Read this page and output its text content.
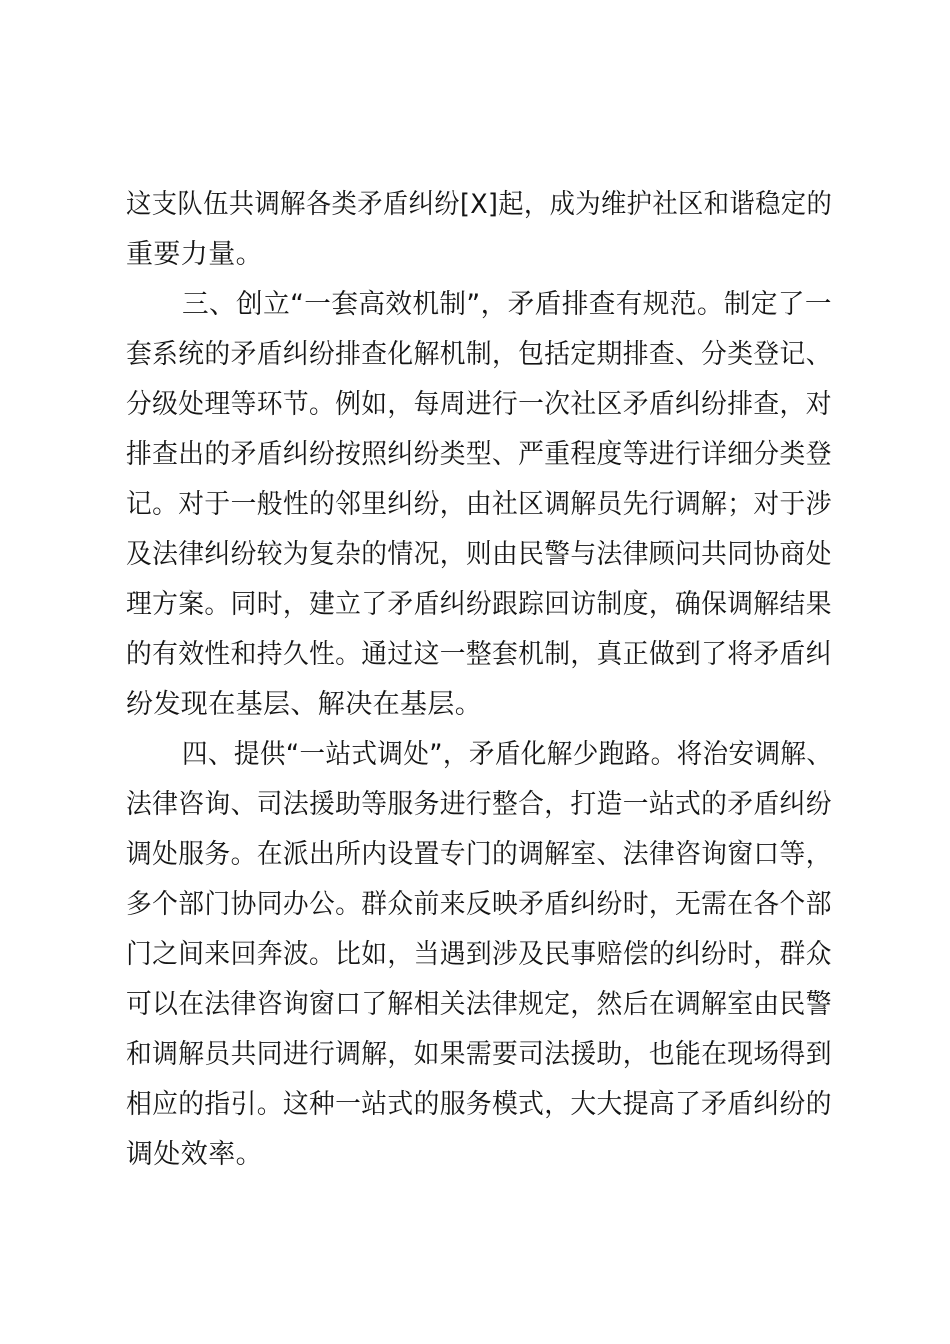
这支队伍共调解各类矛盾纠纷[X]起，成为维护社区和谐稳定的
重要力量。
三、创立“一套高效机制”，矛盾排查有规范。制定了一
套系统的矛盾纠纷排查化解机制，包括定期排查、分类登记、
分级处理等环节。例如，每周进行一次社区矛盾纠纷排查，对
排查出的矛盾纠纷按照纠纷类型、严重程度等进行详细分类登
记。对于一般性的邻里纠纷，由社区调解员先行调解；对于涉
及法律纠纷较为复杂的情况，则由民警与法律顾问共同协商处
理方案。同时，建立了矛盾纠纷跟踪回访制度，确保调解结果
的有效性和持久性。通过这一整套机制，真正做到了将矛盾纠
纷发现在基层、解决在基层。
四、提供“一站式调处”，矛盾化解少跑路。将治安调解、
法律咨询、司法援助等服务进行整合，打造一站式的矛盾纠纷
调处服务。在派出所内设置专门的调解室、法律咨询窗口等，
多个部门协同办公。群众前来反映矛盾纠纷时，无需在各个部
门之间来回奔波。比如，当遇到涉及民事赔偿的纠纷时，群众
可以在法律咨询窗口了解相关法律规定，然后在调解室由民警
和调解员共同进行调解，如果需要司法援助，也能在现场得到
相应的指引。这种一站式的服务模式，大大提高了矛盾纠纷的
调处效率。
